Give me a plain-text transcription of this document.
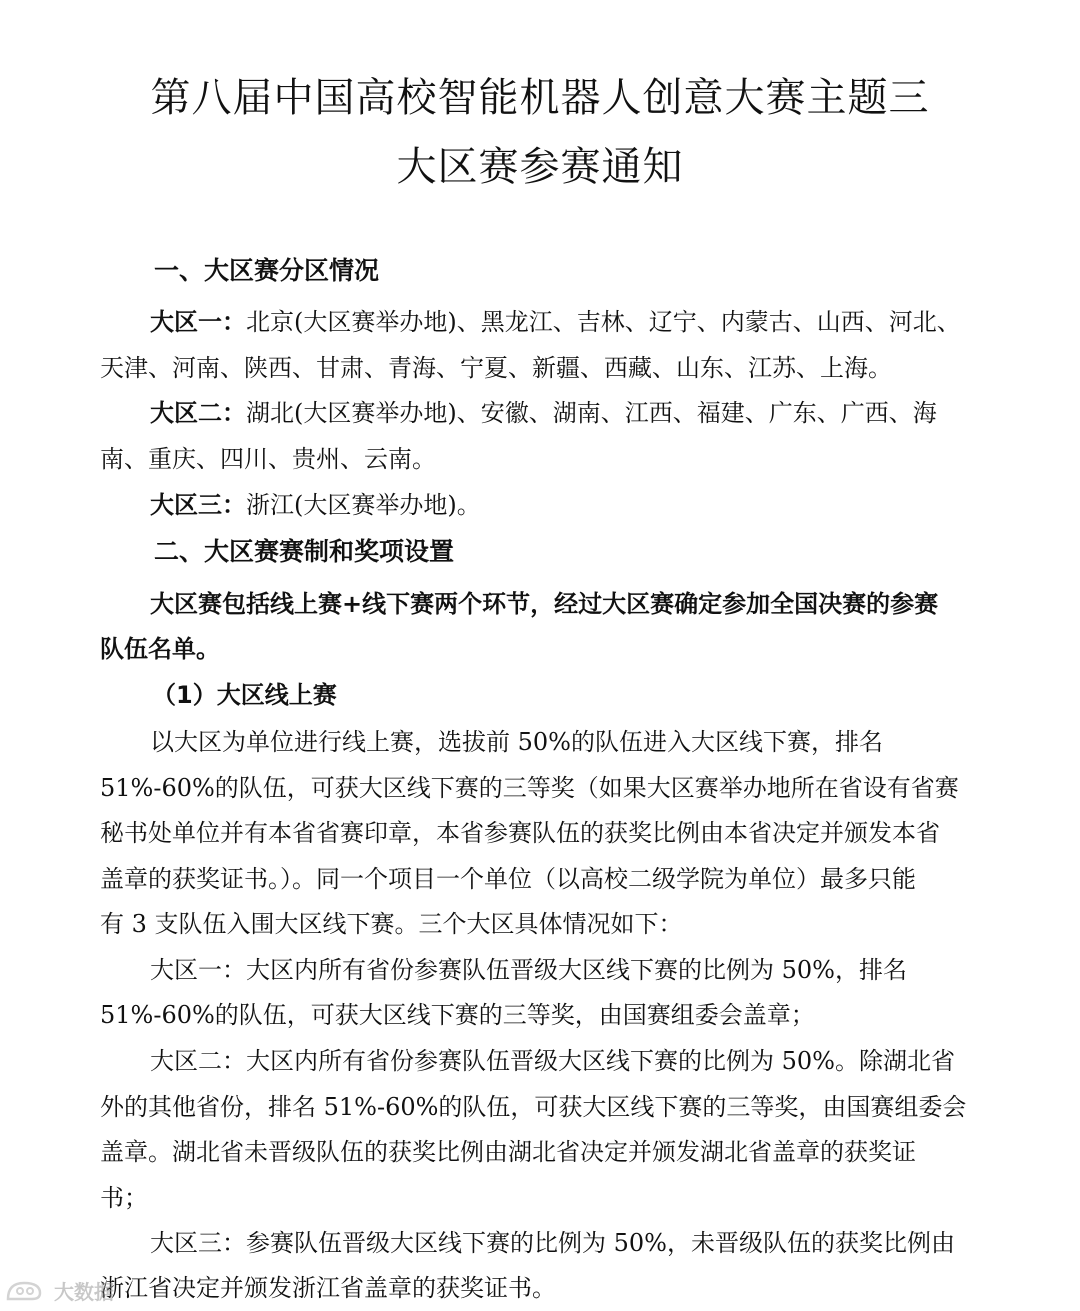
第八届中国高校智能机器人创意大赛主题三
大区赛参赛通知

一、大区赛分区情况

大区一：北京(大区赛举办地)、黑龙江、吉林、辽宁、内蒙古、山西、河北、

天津、河南、陕西、甘肃、青海、宁夏、新疆、西藏、山东、江苏、上海。

大区二：湖北(大区赛举办地)、安徽、湖南、江西、福建、广东、广西、海

南、重庆、四川、贵州、云南。

大区三：浙江(大区赛举办地)。

二、大区赛赛制和奖项设置

大区赛包括线上赛+线下赛两个环节，经过大区赛确定参加全国决赛的参赛

队伍名单。

（1）大区线上赛

以大区为单位进行线上赛，选拔前 50%的队伍进入大区线下赛，排名

51%-60%的队伍，可获大区线下赛的三等奖（如果大区赛举办地所在省设有省赛

秘书处单位并有本省省赛印章，本省参赛队伍的获奖比例由本省决定并颁发本省

盖章的获奖证书。）。同一个项目一个单位（以高校二级学院为单位）最多只能

有 3 支队伍入围大区线下赛。三个大区具体情况如下：

大区一：大区内所有省份参赛队伍晋级大区线下赛的比例为 50%，排名

51%-60%的队伍，可获大区线下赛的三等奖，由国赛组委会盖章；

大区二：大区内所有省份参赛队伍晋级大区线下赛的比例为 50%。除湖北省

外的其他省份，排名 51%-60%的队伍，可获大区线下赛的三等奖，由国赛组委会

盖章。湖北省未晋级队伍的获奖比例由湖北省决定并颁发湖北省盖章的获奖证

书；

大区三：参赛队伍晋级大区线下赛的比例为 50%，未晋级队伍的获奖比例由

浙江省决定并颁发浙江省盖章的获奖证书。

大数据
